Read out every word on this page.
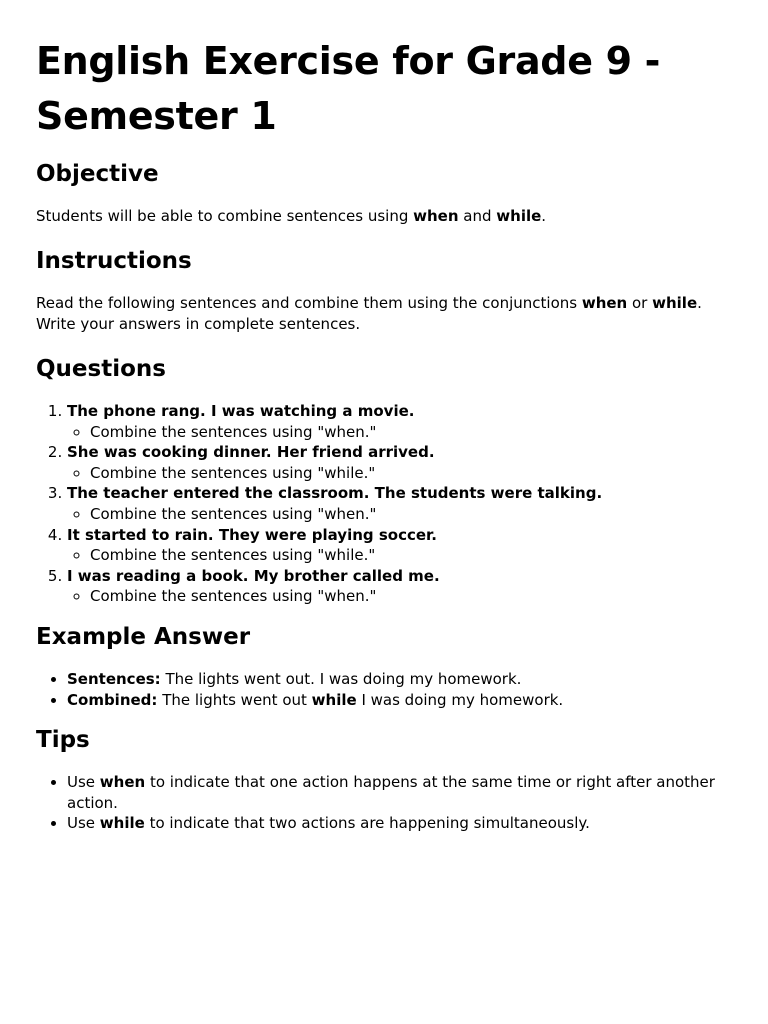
English Exercise for Grade 9 - Semester 1
Objective

Students will be able to combine sentences using when and while.

Instructions

Read the following sentences and combine them using the conjunctions when or while. Write your answers in complete sentences.

Questions
1. The phone rang. I was watching a movie.
◦ Combine the sentences using "when."
2. She was cooking dinner. Her friend arrived.
◦ Combine the sentences using "while."
3. The teacher entered the classroom. The students were talking.
◦ Combine the sentences using "when."
4. It started to rain. They were playing soccer.
◦ Combine the sentences using "while."
5. I was reading a book. My brother called me.
◦ Combine the sentences using "when."
Example Answer
• Sentences: The lights went out. I was doing my homework.
• Combined: The lights went out while I was doing my homework.
Tips
• Use when to indicate that one action happens at the same time or right after another action.
• Use while to indicate that two actions are happening simultaneously.
